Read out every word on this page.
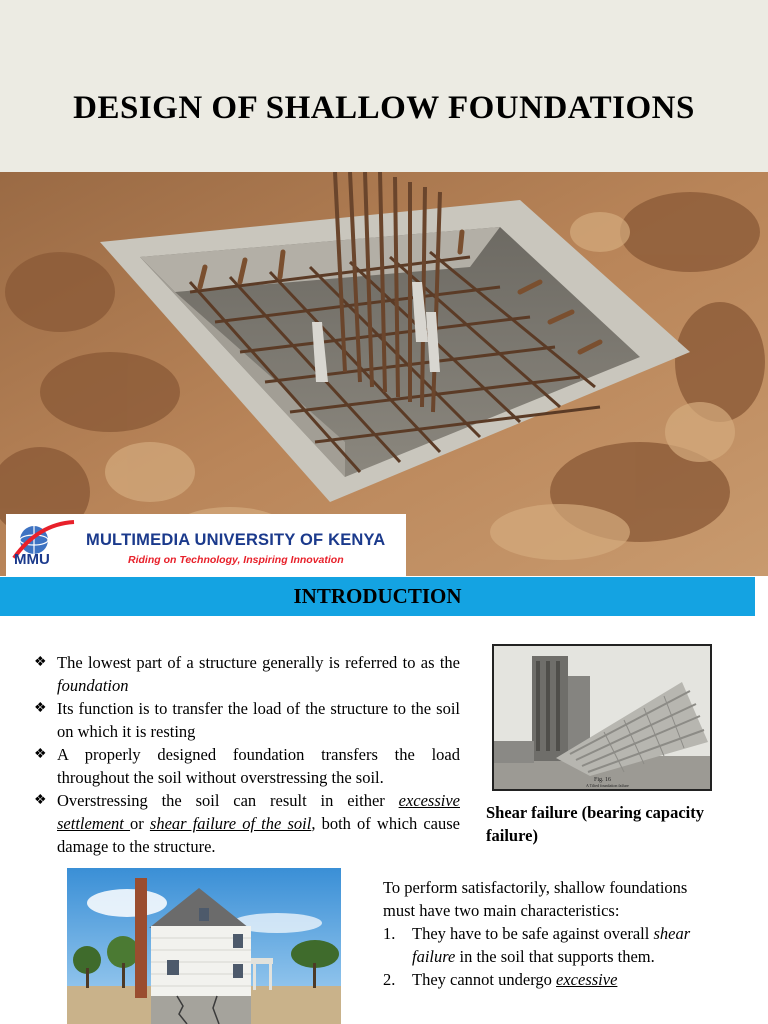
DESIGN OF SHALLOW FOUNDATIONS
MMU
MULTIMEDIA UNIVERSITY OF KENYA
Riding on Technology, Inspiring Innovation
INTRODUCTION
❖ The lowest part of a structure generally is referred to as the foundation
❖ Its function is to transfer the load of the structure to the soil on which it is resting
❖ A properly designed foundation transfers the load throughout the soil without overstressing the soil.
❖ Overstressing the soil can result in either excessive settlement or shear failure of the soil, both of which cause damage to the structure.
Fig. 16
A Tilted foundation failure
Shear failure (bearing capacity failure)

To perform satisfactorily, shallow foundations must have two main characteristics:

1. They have to be safe against overall shear failure in the soil that supports them.
2. They cannot undergo excessive
